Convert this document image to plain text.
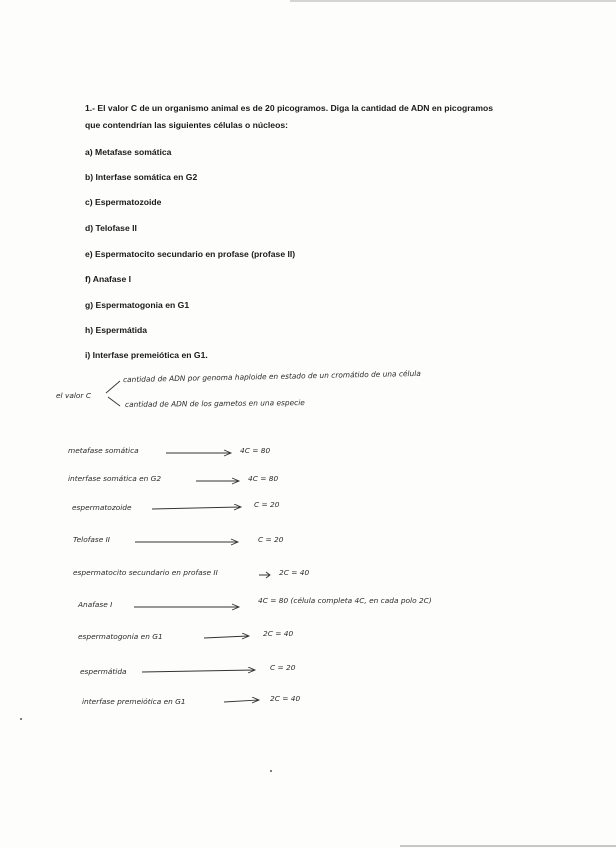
1.- El valor C de un organismo animal es de 20 picogramos. Diga la cantidad de ADN en picogramos que contendrían las siguientes células o núcleos:
a) Metafase somática
b) Interfase somática en G2
c) Espermatozoide
d) Telofase II
e) Espermatocito secundario en profase (profase II)
f) Anafase I
g) Espermatogonia en G1
h) Espermátida
i) Interfase premeiótica en G1.
el valor C
cantidad de ADN por genoma haploide en estado de un cromátido de una célula
cantidad de ADN de los gametos en una especie
metafase somática	4C = 80
interfase somática en G2	4C = 80
espermatozoide	C = 20
Telofase II	C = 20
espermatocito secundario en profase II	2C = 40
Anafase I	4C = 80 (célula completa 4C, en cada polo 2C)
espermatogonia en G1	2C = 40
espermátida	C = 20
interfase premeiótica en G1	2C = 40
